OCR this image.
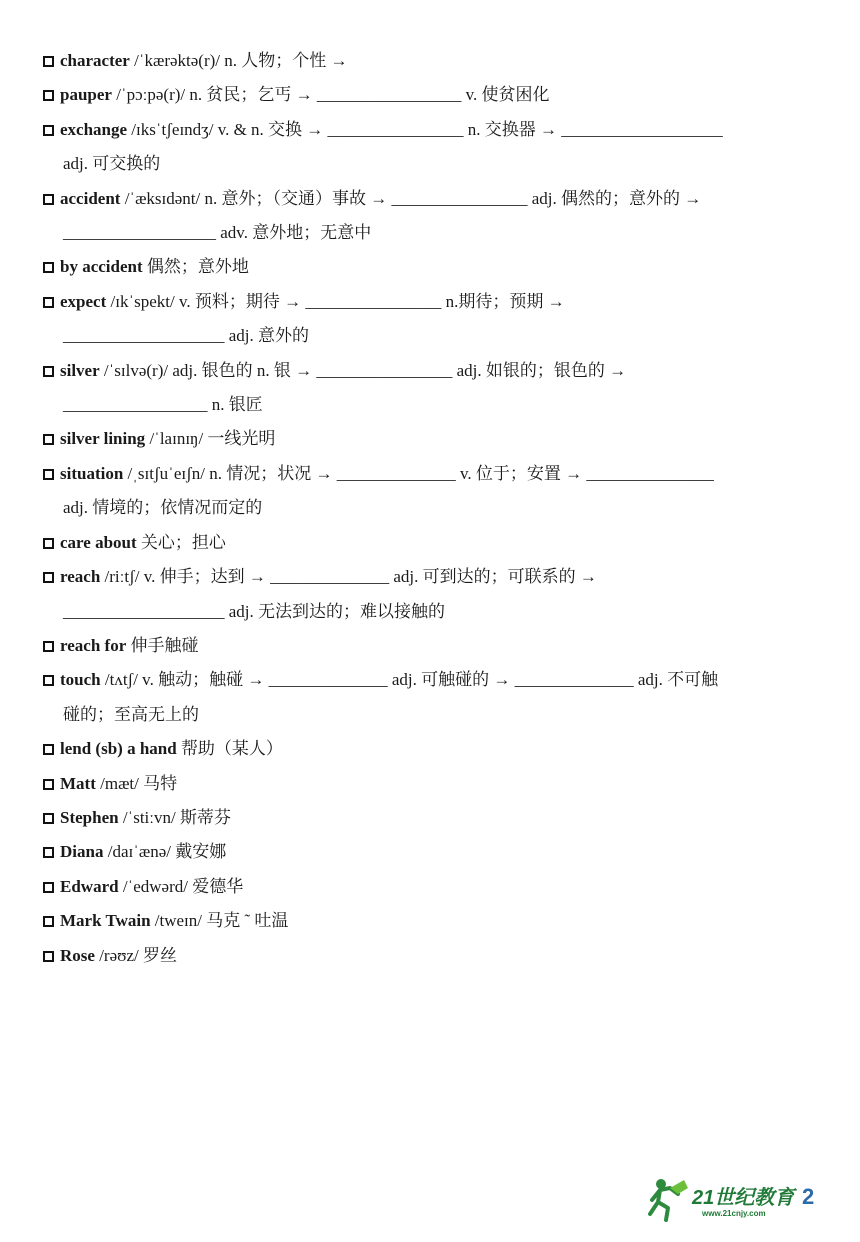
character /ˈkærəktə(r)/ n. 人物；个性 →
pauper /ˈpɔːpə(r)/ n. 贫民；乞丐 → _________________ v. 使贫困化
exchange /ɪksˈtʃeɪndʒ/ v. & n. 交换 → ________________ n. 交换器 → ___________________
adj. 可交换的
accident /ˈæksɪdənt/ n. 意外；（交通）事故 → ________________ adj. 偶然的；意外的 →
__________________ adv. 意外地；无意中
by accident 偶然；意外地
expect /ɪkˈspekt/ v. 预料；期待 → ________________ n.期待；预期 →
___________________ adj. 意外的
silver /ˈsɪlvə(r)/ adj. 银色的 n. 银 → ________________ adj. 如银的；银色的 →
_________________ n. 银匠
silver lining /ˈlaɪnɪŋ/ 一线光明
situation /ˌsɪtʃuˈeɪʃn/ n. 情况；状况 → ______________ v. 位于；安置 → _______________
adj. 情境的；依情况而定的
care about 关心；担心
reach /riːtʃ/ v. 伸手；达到 → ______________ adj. 可到达的；可联系的 →
___________________ adj. 无法到达的；难以接触的
reach for 伸手触碰
touch /tʌtʃ/ v. 触动；触碰 → ______________ adj. 可触碰的 → ______________ adj. 不可触
碰的；至高无上的
lend (sb) a hand 帮助（某人）
Matt /mæt/ 马特
Stephen /ˈstiːvn/ 斯蒂芬
Diana /daɪˈænə/ 戴安娜
Edward /ˈedwərd/ 爱德华
Mark Twain /tweɪn/ 马克 ˜ 吐温
Rose /rəʊz/ 罗丝
21世纪教育
www.21cnjy.com
2
